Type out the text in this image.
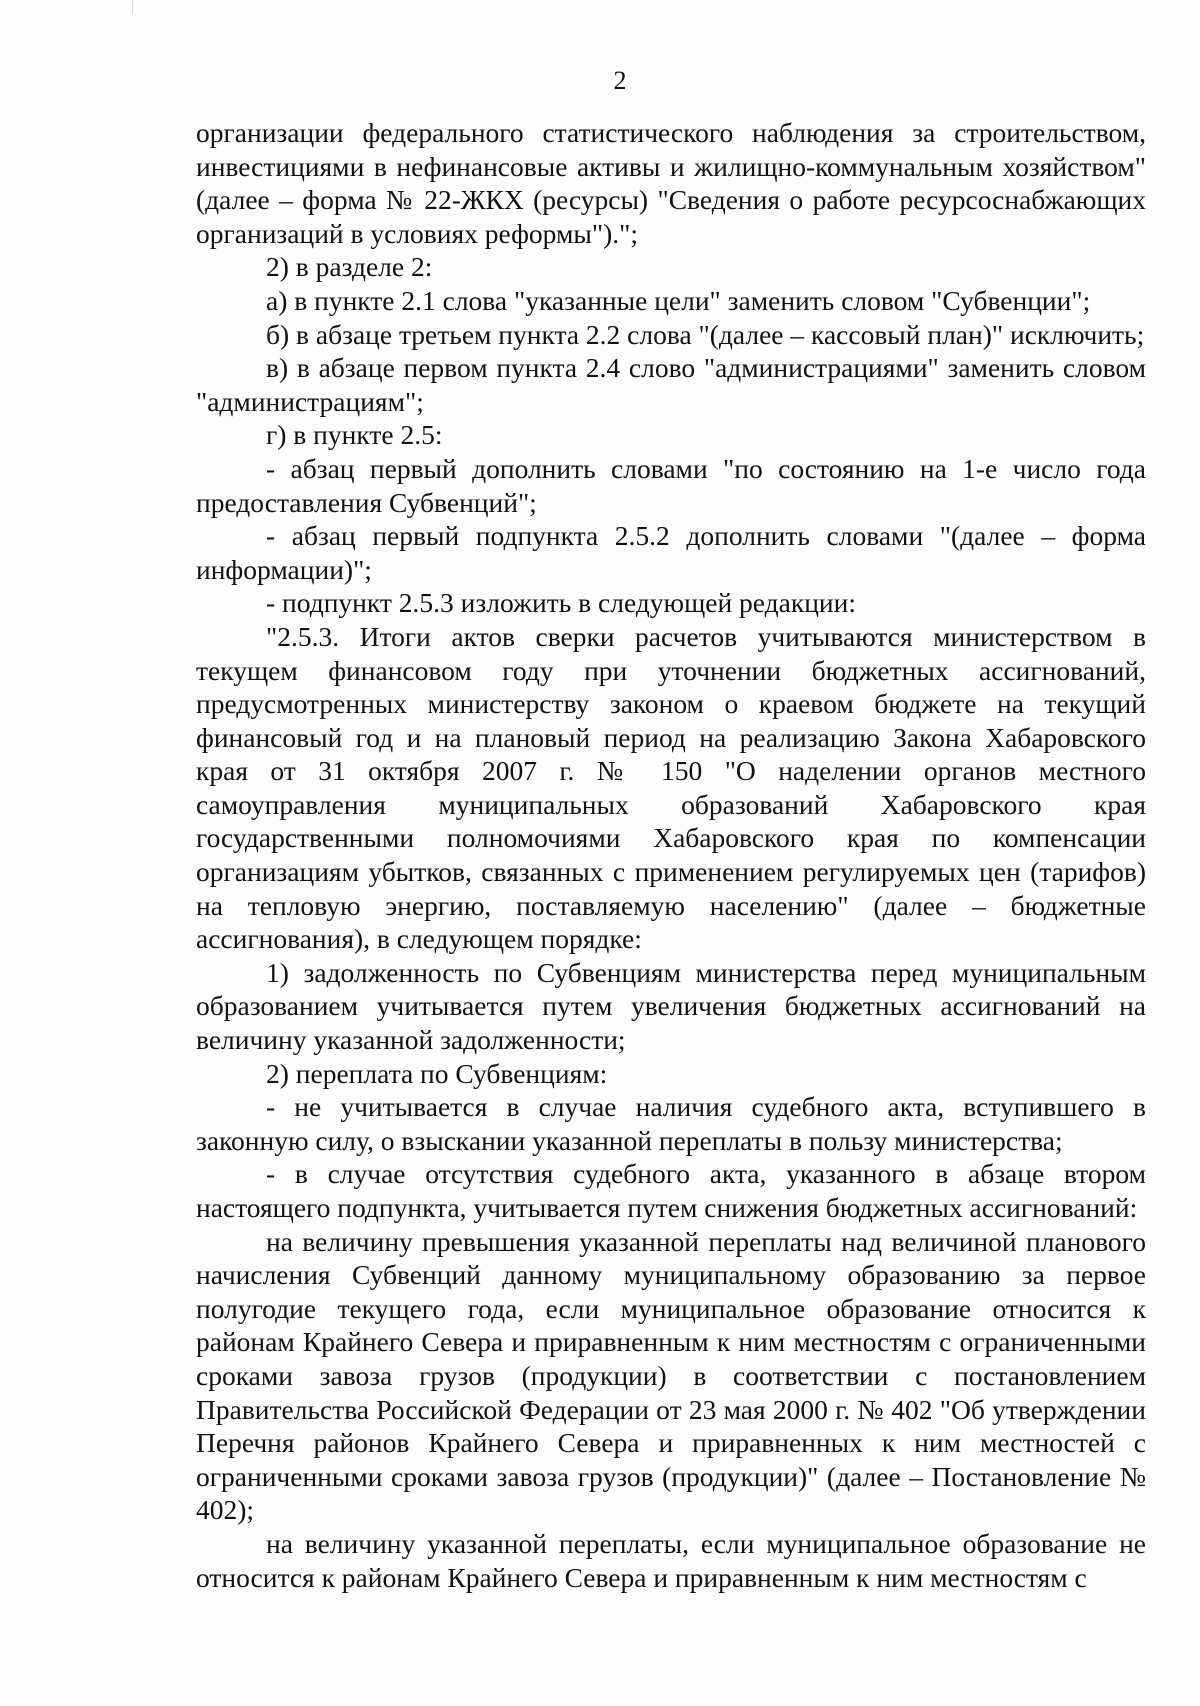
2

организации федерального статистического наблюдения за строительством, инвестициями в нефинансовые активы и жилищно-коммунальным хозяйством" (далее – форма № 22-ЖКХ (ресурсы) "Сведения о работе ресурсоснабжающих организаций в условиях реформы").";

2) в разделе 2:

а) в пункте 2.1 слова "указанные цели" заменить словом "Субвенции";

б) в абзаце третьем пункта 2.2 слова "(далее – кассовый план)" исключить;

в) в абзаце первом пункта 2.4 слово "администрациями" заменить словом "администрациям";

г) в пункте 2.5:

- абзац первый дополнить словами "по состоянию на 1-е число года предоставления Субвенций";

- абзац первый подпункта 2.5.2 дополнить словами "(далее – форма информации)";

- подпункт 2.5.3 изложить в следующей редакции:

"2.5.3. Итоги актов сверки расчетов учитываются министерством в текущем финансовом году при уточнении бюджетных ассигнований, предусмотренных министерству законом о краевом бюджете на текущий финансовый год и на плановый период на реализацию Закона Хабаровского края от 31 октября 2007 г. № 150 "О наделении органов местного самоуправления муниципальных образований Хабаровского края государственными полномочиями Хабаровского края по компенсации организациям убытков, связанных с применением регулируемых цен (тарифов) на тепловую энергию, поставляемую населению" (далее – бюджетные ассигнования), в следующем порядке:

1) задолженность по Субвенциям министерства перед муниципальным образованием учитывается путем увеличения бюджетных ассигнований на величину указанной задолженности;

2) переплата по Субвенциям:

- не учитывается в случае наличия судебного акта, вступившего в законную силу, о взыскании указанной переплаты в пользу министерства;

- в случае отсутствия судебного акта, указанного в абзаце втором настоящего подпункта, учитывается путем снижения бюджетных ассигнований:

на величину превышения указанной переплаты над величиной планового начисления Субвенций данному муниципальному образованию за первое полугодие текущего года, если муниципальное образование относится к районам Крайнего Севера и приравненным к ним местностям с ограниченными сроками завоза грузов (продукции) в соответствии с постановлением Правительства Российской Федерации от 23 мая 2000 г. № 402 "Об утверждении Перечня районов Крайнего Севера и приравненных к ним местностей с ограниченными сроками завоза грузов (продукции)" (далее – Постановление № 402);

на величину указанной переплаты, если муниципальное образование не относится к районам Крайнего Севера и приравненным к ним местностям с
